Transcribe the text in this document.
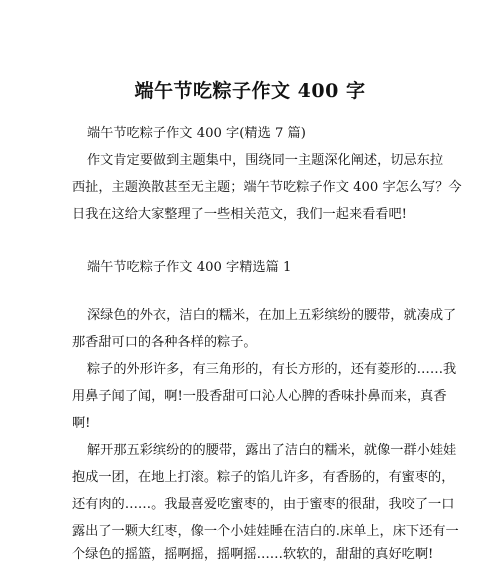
端午节吃粽子作文 400 字

端午节吃粽子作文 400 字(精选 7 篇)

作文肯定要做到主题集中，围绕同一主题深化阐述，切忌东拉

西扯，主题涣散甚至无主题；端午节吃粽子作文 400 字怎么写？今

日我在这给大家整理了一些相关范文，我们一起来看看吧!

端午节吃粽子作文 400 字精选篇 1

深绿色的外衣，洁白的糯米，在加上五彩缤纷的腰带，就凑成了

那香甜可口的各种各样的粽子。

粽子的外形许多，有三角形的，有长方形的，还有菱形的……我

用鼻子闻了闻，啊!一股香甜可口沁人心脾的香味扑鼻而来，真香

啊!

解开那五彩缤纷的的腰带，露出了洁白的糯米，就像一群小娃娃

抱成一团，在地上打滚。粽子的馅儿许多，有香肠的，有蜜枣的，

还有肉的……。我最喜爱吃蜜枣的，由于蜜枣的很甜，我咬了一口

露出了一颗大红枣，像一个小娃娃睡在洁白的.床单上，床下还有一

个绿色的摇篮，摇啊摇，摇啊摇……软软的，甜甜的真好吃啊!
